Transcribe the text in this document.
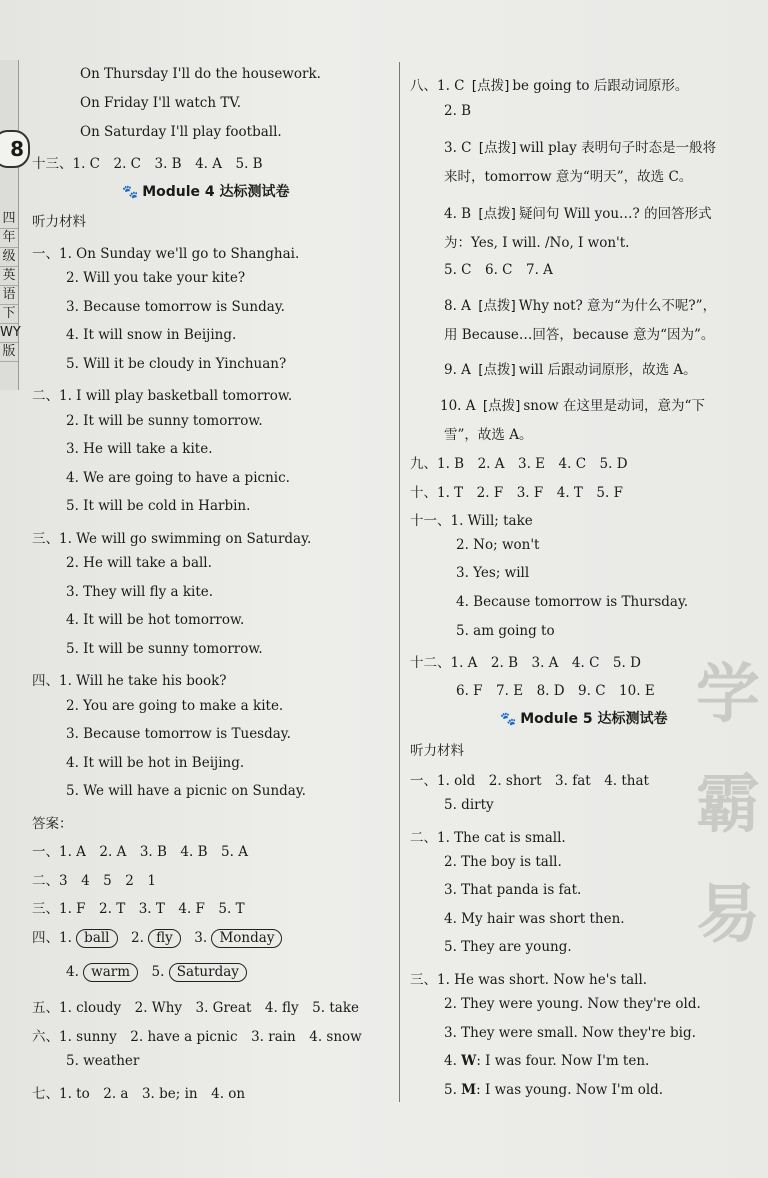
8
四
年
级
英
语
下
WY
版
On Thursday I'll do the housework.
On Friday I'll watch TV.
On Saturday I'll play football.
十三、1. C　2. C　3. B　4. A　5. B
🐾 Module 4 达标测试卷
听力材料
一、1. On Sunday we'll go to Shanghai.
2. Will you take your kite?
3. Because tomorrow is Sunday.
4. It will snow in Beijing.
5. Will it be cloudy in Yinchuan?
二、1. I will play basketball tomorrow.
2. It will be sunny tomorrow.
3. He will take a kite.
4. We are going to have a picnic.
5. It will be cold in Harbin.
三、1. We will go swimming on Saturday.
2. He will take a ball.
3. They will fly a kite.
4. It will be hot tomorrow.
5. It will be sunny tomorrow.
四、1. Will he take his book?
2. You are going to make a kite.
3. Because tomorrow is Tuesday.
4. It will be hot in Beijing.
5. We will have a picnic on Sunday.
答案：
一、1. A　2. A　3. B　4. B　5. A
二、3　4　5　2　1
三、1. F　2. T　3. T　4. F　5. T
四、1. ball　2. fly　3. Monday
4. warm　5. Saturday
五、1. cloudy　2. Why　3. Great　4. fly　5. take
六、1. sunny　2. have a picnic　3. rain　4. snow
5. weather
七、1. to　2. a　3. be; in　4. on
八、1. C [点拨] be going to 后跟动词原形。
2. B
3. C [点拨] will play 表明句子时态是一般将
来时，tomorrow 意为“明天”，故选 C。
4. B [点拨] 疑问句 Will you…? 的回答形式
为：Yes, I will. /No, I won't.
5. C　6. C　7. A
8. A [点拨] Why not? 意为“为什么不呢?”，
用 Because…回答，because 意为“因为”。
9. A [点拨] will 后跟动词原形，故选 A。
10. A [点拨] snow 在这里是动词，意为“下
雪”，故选 A。
九、1. B　2. A　3. E　4. C　5. D
十、1. T　2. F　3. F　4. T　5. F
十一、1. Will; take
2. No; won't
3. Yes; will
4. Because tomorrow is Thursday.
5. am going to
十二、1. A　2. B　3. A　4. C　5. D
6. F　7. E　8. D　9. C　10. E
🐾 Module 5 达标测试卷
听力材料
一、1. old　2. short　3. fat　4. that
5. dirty
二、1. The cat is small.
2. The boy is tall.
3. That panda is fat.
4. My hair was short then.
5. They are young.
三、1. He was short. Now he's tall.
2. They were young. Now they're old.
3. They were small. Now they're big.
4. W: I was four. Now I'm ten.
5. M: I was young. Now I'm old.
学
霸
易
